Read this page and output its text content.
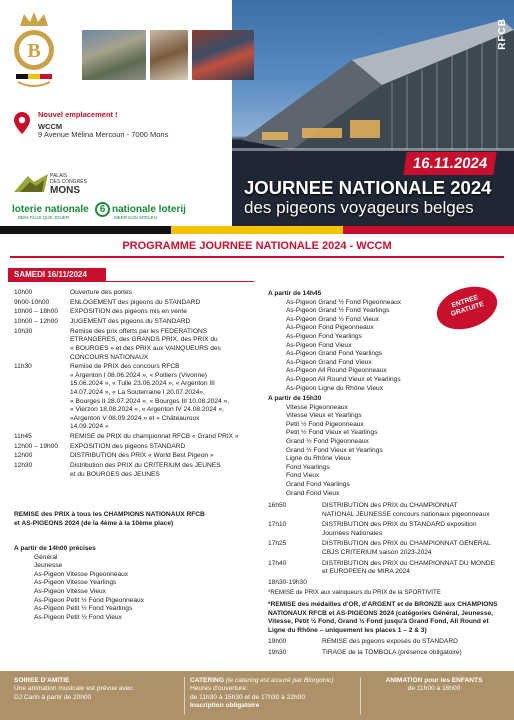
RFCB
B
Nouvel emplacement !
WCCM
9 Avenue Mélina Mercouri - 7000 Mons
PALAIS
DES CONGRÈS
MONS
loterie nationale
BIEN PLUS QUE JOUER
6 nationale loterij
MEER DAN SPELEN
16.11.2024
JOURNEE NATIONALE 2024
des pigeons voyageurs belges
PROGRAMME JOURNEE NATIONALE 2024 - WCCM
SAMEDI 16/11/2024
10h00	Ouverture des portes
9h00-10h00	ENLOGEMENT des pigeons du STANDARD
10h00 – 18h00	EXPOSITION des pigeons mis en vente
10h00 – 12h00	JUGEMENT des pigeons du STANDARD
10h30	Remise des prix offerts par les FEDERATIONS
ETRANGERES, des GRANDS PRIX, des PRIX du
« BOURGES » et des PRIX aux VAINQUEURS des
CONCOURS NATIONAUX
11h30	Remise de PRIX des concours RFCB
« Argenton I 08.06.2024 », « Poitiers (Vivonne)
15.06.2024 », « Tulle 23.06.2024 », « Argenton III
14.07.2024 », « La Souterraine I 20.07.2024»,
« Bourges II 28.07.2024 », « Bourges III 10.08.2024 »,
« Vierzon 18.08.2024 », « Argenton IV 24.08.2024 »,
«Argenton V 08.09.2024 » et « Châteauroux
14.09.2024 »
11h45	REMISE de PRIX du championnat RFCB « Grand PRIX »
12h00 – 19h00	EXPOSITION des pigeons STANDARD
12h00	DISTRIBUTION des PRIX « World Best Pigeon »
12h30	Distribution des PRIX du CRITERIUM des JEUNES
et du BOURGES des JEUNES
REMISE des PRIX à tous les CHAMPIONS NATIONAUX RFCB
et AS-PIGEONS 2024 (de la 4ème à la 10ème place)
A partir de 14h00 précises
Général
Jeunesse
As-Pigeon Vitesse Pigeonneaux
As-Pigeon Vitesse Yearlings
As-Pigeon Vitesse Vieux
As-Pigeon Petit ½ Fond Pigeonneaux
As-Pigeon Petit ½ Fond Yearlings
As-Pigeon Petit ½ Fond Vieux
A partir de 14h45
As-Pigeon Grand ½ Fond Pigeonneaux
As-Pigeon Grand ½ Fond Yearlings
As-Pigeon Grand ½ Fond Vieux
As-Pigeon Fond Pigeonneaux
As-Pigeon Fond Yearlings
As-Pigeon Fond Vieux
As-Pigeon Grand Fond Yearlings
As-Pigeon Grand Fond Vieux
As-Pigeon All Round Pigeonneaux
As-Pigeon All Round Vieux et Yearlings
As-Pigeon Ligne du Rhône Vieux
ENTREE
GRATUITE
A partir de 15h30
Vitesse Pigeonneaux
Vitesse Vieux et Yearlings
Petit ½ Fond Pigeonneaux
Petit ½ Fond Vieux et Yearlings
Grand ½ Fond Pigeonneaux
Grand ½ Fond Vieux et Yearlings
Ligne du Rhône Vieux
Fond Yearlings
Fond Vieux
Grand Fond Yearlings
Grand Fond Vieux
16h50	DISTRIBUTION des PRIX du CHAMPIONNAT
NATIONAL JEUNESSE concours nationaux pigeonneaux
17h10	DISTRIBUTION des PRIX du STANDARD exposition
Journées Nationales
17h25	DISTRIBUTION des PRIX du CHAMPIONNAT GENERAL
CBJS CRITERIUM saison 2023-2024
17h40	DISTRIBUTION des PRIX du CHAMPIONNAT DU MONDE
et EUROPEEN de MIRA 2024
18h30-19h30
*REMISE de PRIX aux vainqueurs du PRIX de la SPORTIVITE
*REMISE des médailles d'OR, d'ARGENT et de BRONZE aux CHAMPIONS NATIONAUX RFCB et AS-PIGEONS 2024 (catégories Général, Jeunesse, Vitesse, Petit ½ Fond, Grand ½ Fond jusqu'à Grand Fond, All Round et Ligne du Rhône – uniquement les places 1 – 2 & 3)
19h00	REMISE des pigeons exposés du STANDARD
19h30	TIRAGE de la TOMBOLA (présence obligatoire)
SOIREE D'AMITIE
Une animation musicale est prévue avec
DJ Carlo à partir de 20h00
CATERING (le catering est assuré par Biorgonic)
Heures d'ouverture:
de 11h30 à 15h30 et de 17h30 à 22h00
Inscription obligatoire
ANIMATION pour les ENFANTS
de 11h00 à 16h00
